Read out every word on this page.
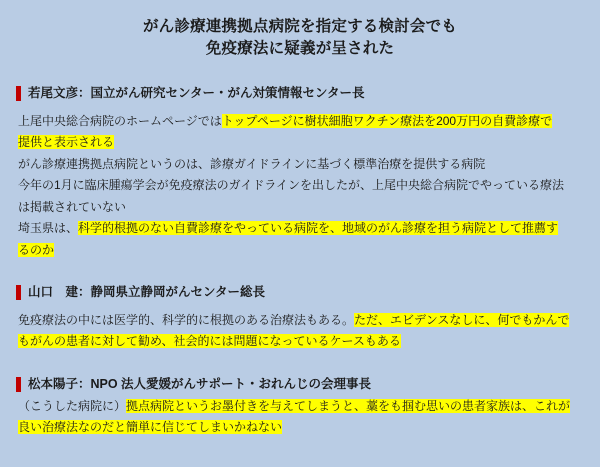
がん診療連携拠点病院を指定する検討会でも
免疫療法に疑義が呈された
若尾文彦：国立がん研究センター・がん対策情報センター長

上尾中央総合病院のホームページではトップページに樹状細胞ワクチン療法を200万円の自費診療で

提供と表示される

がん診療連携拠点病院というのは、診療ガイドラインに基づく標準治療を提供する病院

今年の1月に臨床腫瘍学会が免疫療法のガイドラインを出したが、上尾中央総合病院でやっている療法

は掲載されていない

埼玉県は、科学的根拠のない自費診療をやっている病院を、地域のがん診療を担う病院として推薦す

るのか

山口　建：静岡県立静岡がんセンター総長

免疫療法の中には医学的、科学的に根拠のある治療法もある。ただ、エビデンスなしに、何でもかんで

もがんの患者に対して勧め、社会的には問題になっているケースもある

松本陽子：NPO 法人愛媛がんサポート・おれんじの会理事長

（こうした病院に）拠点病院というお墨付きを与えてしまうと、藁をも掴む思いの患者家族は、これが

良い治療法なのだと簡単に信じてしまいかねない
